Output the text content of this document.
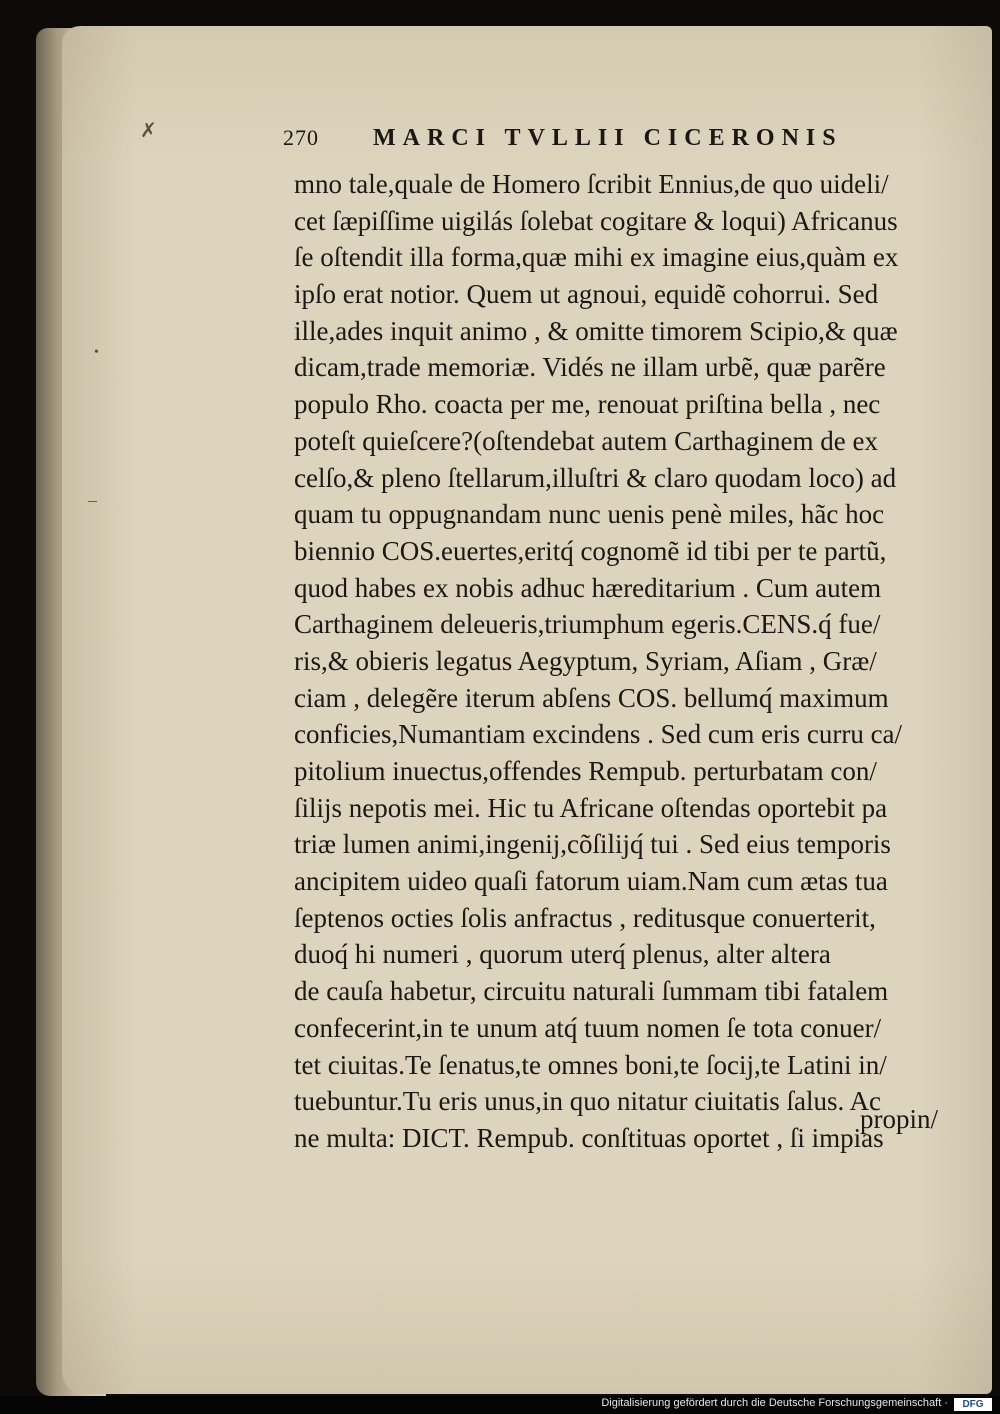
✗
•
‒
270	MARCI TVLLII CICERONIS
mno tale,quale de Homero ſcribit Ennius,de quo uideli/
cet ſæpiſſime uigilás ſolebat cogitare & loqui) Africanus
ſe oſtendit illa forma,quæ mihi ex imagine eius,quàm ex
ipſo erat notior. Quem ut agnoui, equidẽ cohorrui. Sed
ille,ades inquit animo , & omitte timorem Scipio,& quæ
dicam,trade memoriæ. Vidés ne illam urbẽ, quæ parẽre
populo Rho. coacta per me, renouat priſtina bella , nec
poteſt quieſcere?(oſtendebat autem Carthaginem de ex
celſo,& pleno ſtellarum,illuſtri & claro quodam loco) ad
quam tu oppugnandam nunc uenis penè miles, hãc hoc
biennio COS.euertes,eritq́ cognomẽ id tibi per te partũ,
quod habes ex nobis adhuc hæreditarium . Cum autem
Carthaginem deleueris,triumphum egeris.CENS.q́ fue/
ris,& obieris legatus Aegyptum, Syriam, Aſiam , Græ/
ciam , delegẽre iterum abſens COS. bellumq́ maximum
conficies,Numantiam excindens . Sed cum eris curru ca/
pitolium inuectus,offendes Rempub. perturbatam con/
ſilijs nepotis mei. Hic tu Africane oſtendas oportebit pa
triæ lumen animi,ingenij,cõſilijq́ tui . Sed eius temporis
ancipitem uideo quaſi fatorum uiam.Nam cum ætas tua
ſeptenos octies ſolis anfractus , reditusque conuerterit,
duoq́ hi numeri , quorum uterq́ plenus, alter altera
de cauſa habetur, circuitu naturali ſummam tibi fatalem
confecerint,in te unum atq́ tuum nomen ſe tota conuer/
tet ciuitas.Te ſenatus,te omnes boni,te ſocij,te Latini in/
tuebuntur.Tu eris unus,in quo nitatur ciuitatis ſalus. Ac
ne multa: DICT. Rempub. conſtituas oportet , ſi impias
propin/
Digitalisierung gefördert durch die Deutsche Forschungsgemeinschaft ·	DFG
